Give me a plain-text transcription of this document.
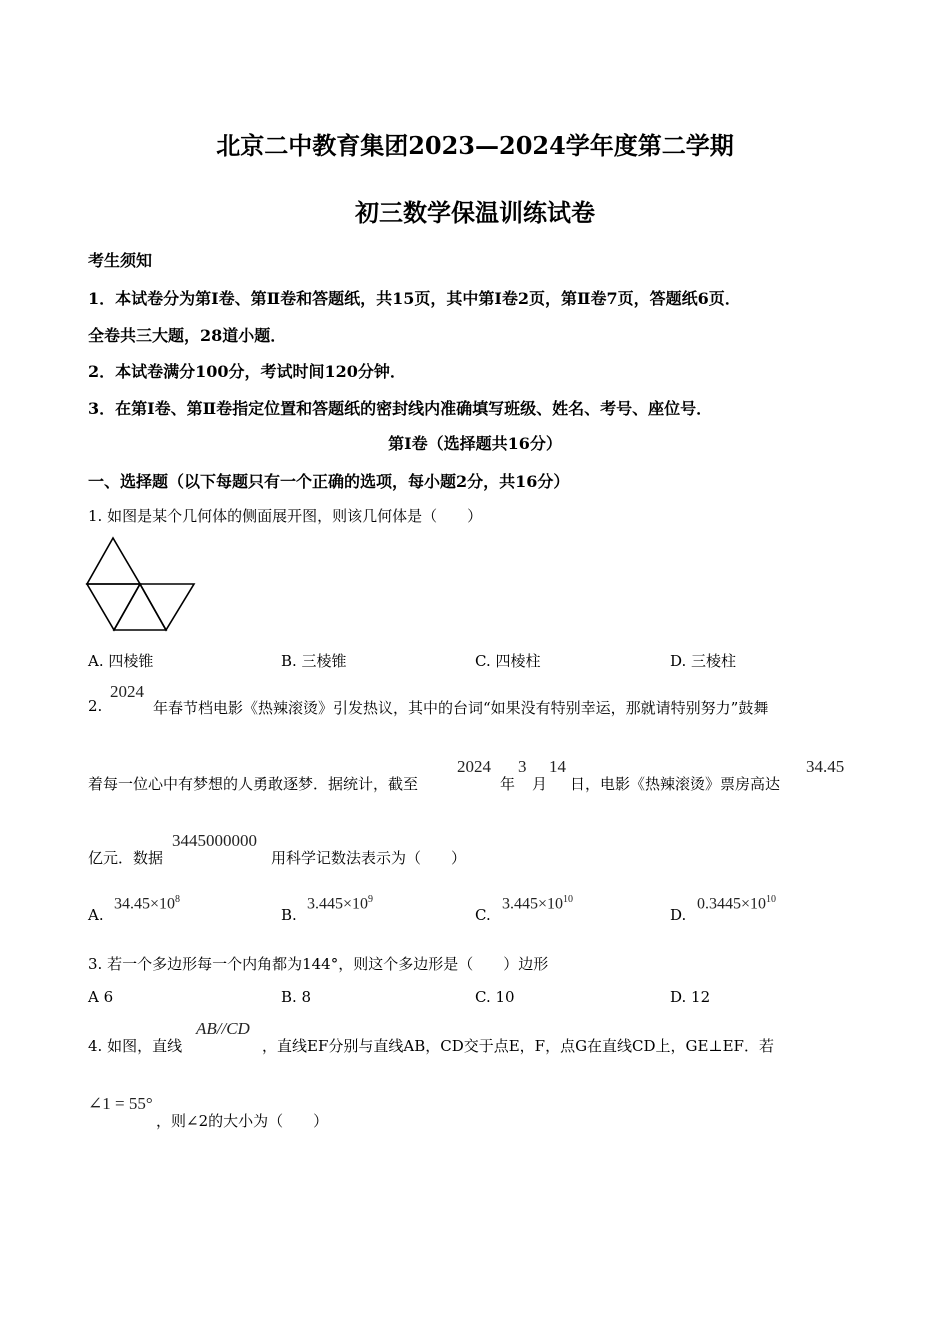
北京二中教育集团2023—2024学年度第二学期
初三数学保温训练试卷
考生须知
1．本试卷分为第Ⅰ卷、第Ⅱ卷和答题纸，共15页，其中第Ⅰ卷2页，第Ⅱ卷7页，答题纸6页．
全卷共三大题，28道小题．
2．本试卷满分100分，考试时间120分钟．
3．在第Ⅰ卷、第Ⅱ卷指定位置和答题纸的密封线内准确填写班级、姓名、考号、座位号．
第Ⅰ卷（选择题共16分）
一、选择题（以下每题只有一个正确的选项，每小题2分，共16分）
1. 如图是某个几何体的侧面展开图，则该几何体是（　　）
A. 四棱锥	B. 三棱锥	C. 四棱柱	D. 三棱柱
2.
2024
年春节档电影《热辣滚烫》引发热议，其中的台词“如果没有特别幸运，那就请特别努力”鼓舞
着每一位心中有梦想的人勇敢逐梦．据统计，截至
2024
年
3
月
14
日，电影《热辣滚烫》票房高达
34.45
亿元．数据
3445000000
用科学记数法表示为（　　）
A.
$34.45\times 10^8$
B.
$3.445\times 10^9$
C.
$3.445\times 10^{10}$
D.
$0.3445\times 10^{10}$
3. 若一个多边形每一个内角都为144°，则这个多边形是（　　）边形
A 6	B. 8	C. 10	D. 12
4. 如图，直线
AB//CD
，直线EF分别与直线AB，CD交于点E，F，点G在直线CD上，GE⊥EF．若
∠1 = 55°
，则∠2的大小为（　　）
